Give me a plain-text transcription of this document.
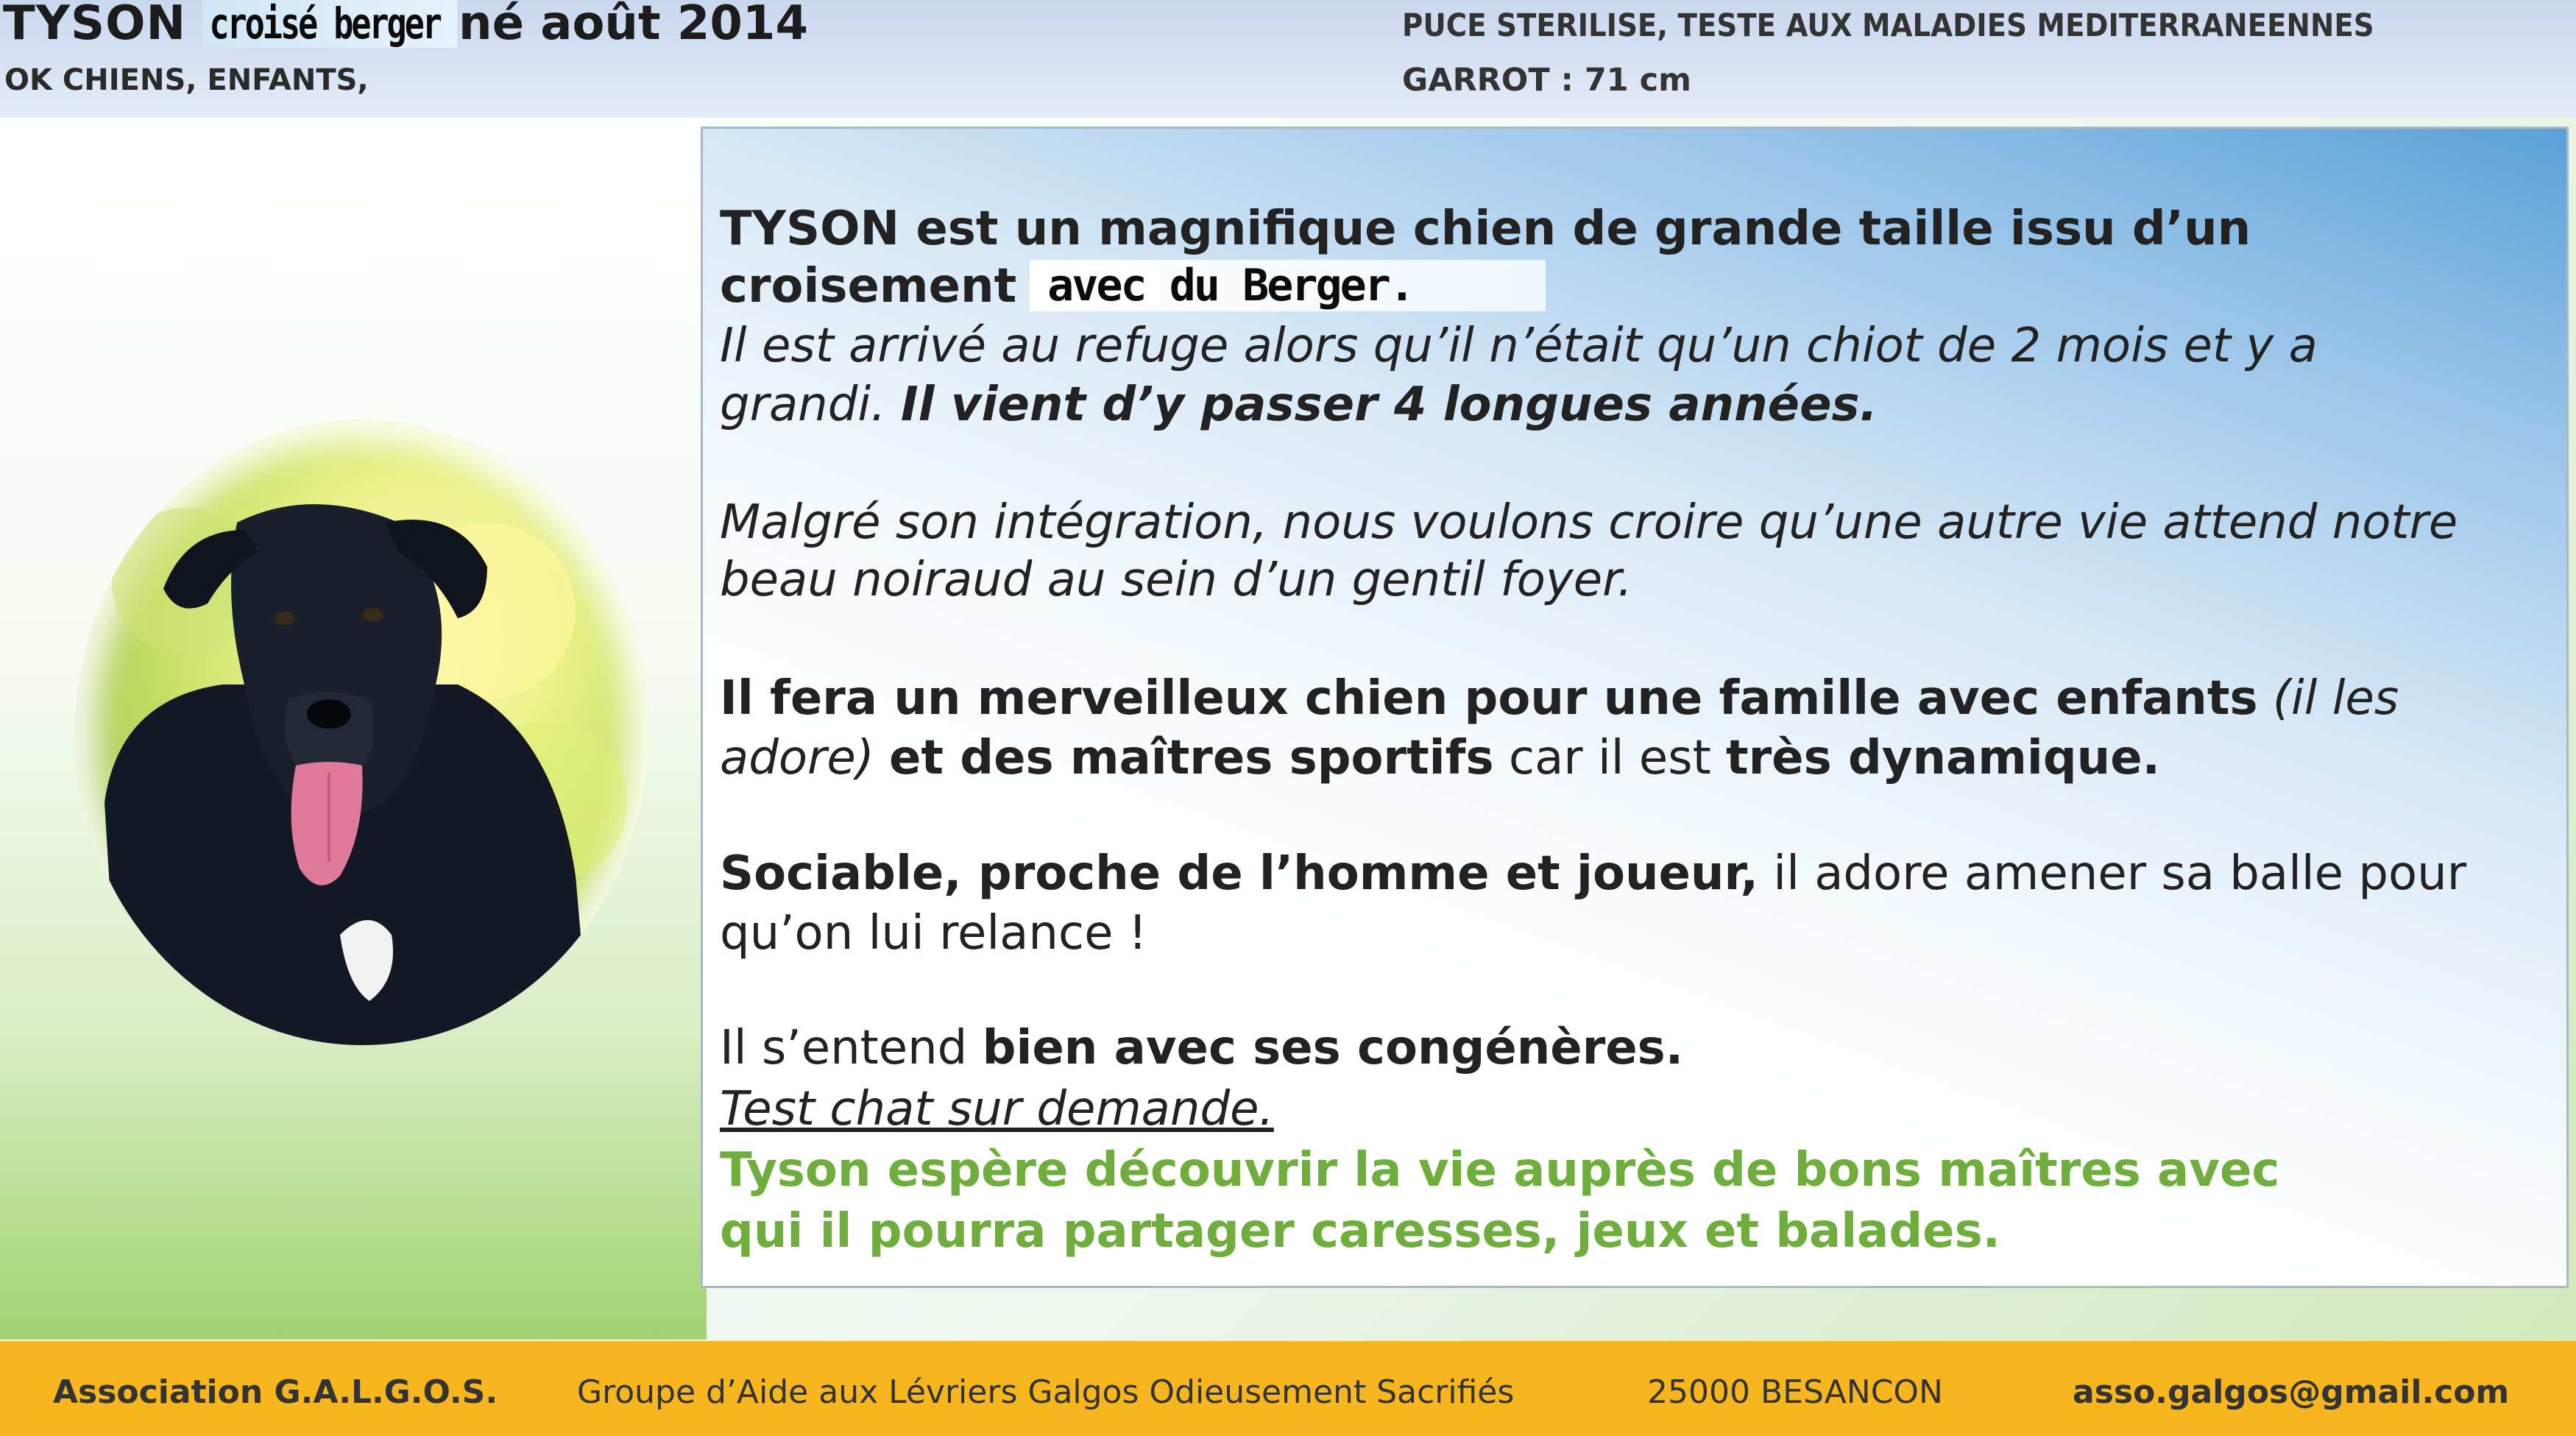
TYSON croisé berger né août 2014
OK CHIENS, ENFANTS,
PUCE STERILISE, TESTE AUX MALADIES MEDITERRANEENNES
GARROT : 71 cm
TYSON est un magnifique chien de grande taille issu d’un
croisement avec du Berger.
Il est arrivé au refuge alors qu’il n’était qu’un chiot de 2 mois et y a
grandi. Il vient d’y passer 4 longues années.
Malgré son intégration, nous voulons croire qu’une autre vie attend notre
beau noiraud au sein d’un gentil foyer.
Il fera un merveilleux chien pour une famille avec enfants (il les
adore) et des maîtres sportifs car il est très dynamique.
Sociable, proche de l’homme et joueur, il adore amener sa balle pour
qu’on lui relance !
Il s’entend bien avec ses congénères.
Test chat sur demande.
Tyson espère découvrir la vie auprès de bons maîtres avec
qui il pourra partager caresses, jeux et balades.
Association G.A.L.G.O.S. Groupe d’Aide aux Lévriers Galgos Odieusement Sacrifiés	25000 BESANCON	asso.galgos@gmail.com
